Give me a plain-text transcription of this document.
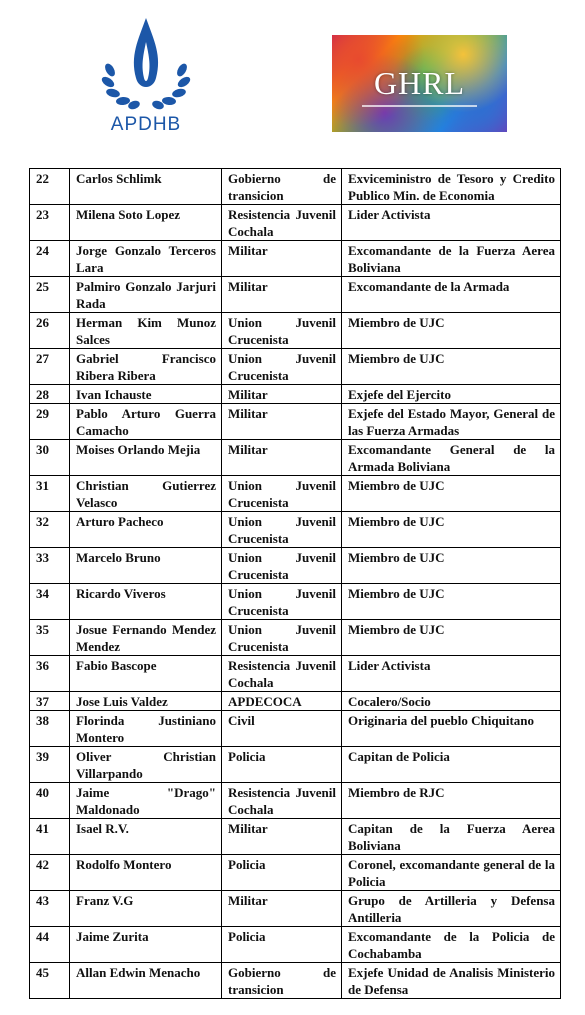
APDHB
GHRL
22	Carlos Schlimk	Gobierno de transicion	Exviceministro de Tesoro y Credito Publico Min. de Economia
23	Milena Soto Lopez	Resistencia Juvenil Cochala	Lider Activista
24	Jorge Gonzalo Terceros Lara	Militar	Excomandante de la Fuerza Aerea Boliviana
25	Palmiro Gonzalo Jarjuri Rada	Militar	Excomandante de la Armada
26	Herman Kim Munoz Salces	Union Juvenil Crucenista	Miembro de UJC
27	Gabriel Francisco Ribera Ribera	Union Juvenil Crucenista	Miembro de UJC
28	Ivan Ichauste	Militar	Exjefe del Ejercito
29	Pablo Arturo Guerra Camacho	Militar	Exjefe del Estado Mayor, General de las Fuerza Armadas
30	Moises Orlando Mejia	Militar	Excomandante General de la Armada Boliviana
31	Christian Gutierrez Velasco	Union Juvenil Crucenista	Miembro de UJC
32	Arturo Pacheco	Union Juvenil Crucenista	Miembro de UJC
33	Marcelo Bruno	Union Juvenil Crucenista	Miembro de UJC
34	Ricardo Viveros	Union Juvenil Crucenista	Miembro de UJC
35	Josue Fernando Mendez Mendez	Union Juvenil Crucenista	Miembro de UJC
36	Fabio Bascope	Resistencia Juvenil Cochala	Lider Activista
37	Jose Luis Valdez	APDECOCA	Cocalero/Socio
38	Florinda Justiniano Montero	Civil	Originaria del pueblo Chiquitano
39	Oliver Christian Villarpando	Policia	Capitan de Policia
40	Jaime "Drago" Maldonado	Resistencia Juvenil Cochala	Miembro de RJC
41	Isael R.V.	Militar	Capitan de la Fuerza Aerea Boliviana
42	Rodolfo Montero	Policia	Coronel, excomandante general de la Policia
43	Franz V.G	Militar	Grupo de Artilleria y Defensa Antilleria
44	Jaime Zurita	Policia	Excomandante de la Policia de Cochabamba
45	Allan Edwin Menacho	Gobierno de transicion	Exjefe Unidad de Analisis Ministerio de Defensa
